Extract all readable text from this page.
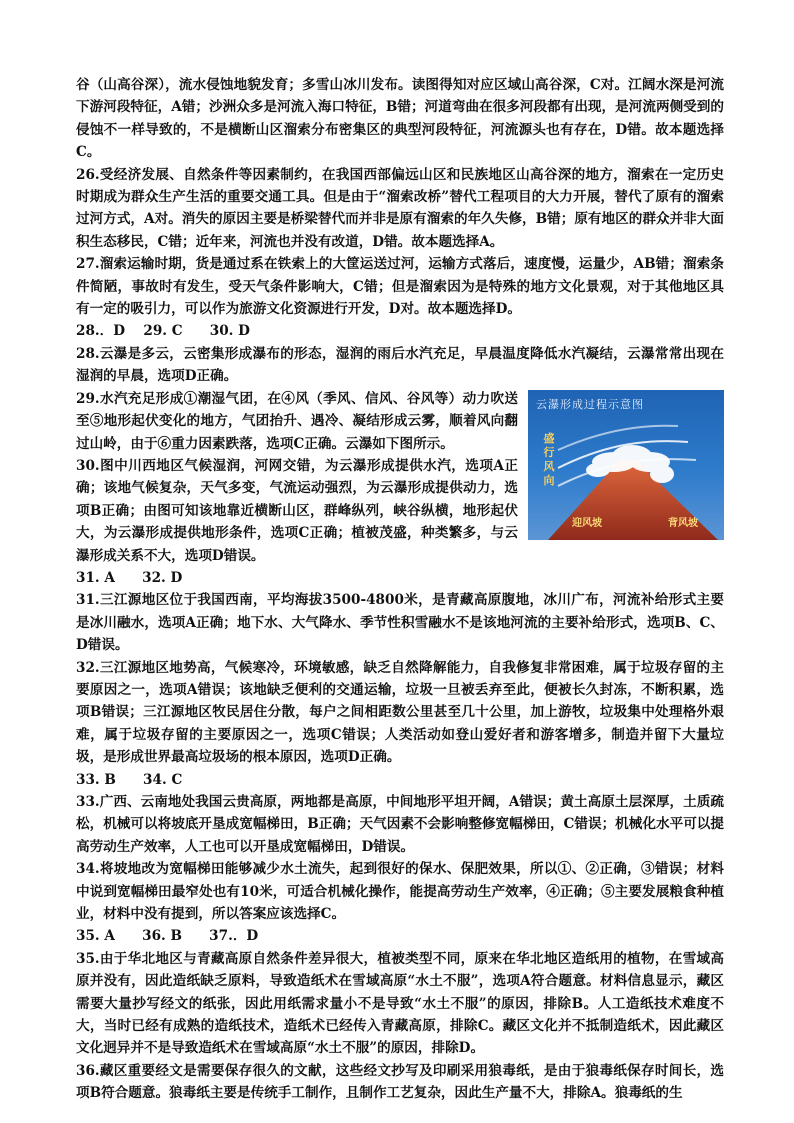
谷（山高谷深），流水侵蚀地貌发育；多雪山冰川发布。读图得知对应区域山高谷深，C对。江阔水深是河流下游河段特征，A错；沙洲众多是河流入海口特征，B错；河道弯曲在很多河段都有出现，是河流两侧受到的侵蚀不一样导致的，不是横断山区溜索分布密集区的典型河段特征，河流源头也有存在，D错。故本题选择C。

26.受经济发展、自然条件等因素制约，在我国西部偏远山区和民族地区山高谷深的地方，溜索在一定历史时期成为群众生产生活的重要交通工具。但是由于“溜索改桥”替代工程项目的大力开展，替代了原有的溜索过河方式，A对。消失的原因主要是桥梁替代而并非是原有溜索的年久失修，B错；原有地区的群众并非大面积生态移民，C错；近年来，河流也并没有改道，D错。故本题选择A。

27.溜索运输时期，货是通过系在铁索上的大筐运送过河，运输方式落后，速度慢，运量少，AB错；溜索条件简陋，事故时有发生，受天气条件影响大，C错；但是溜索因为是特殊的地方文化景观，对于其他地区具有一定的吸引力，可以作为旅游文化资源进行开发，D对。故本题选择D。

28.．D　 29. C　　30. D

28.云瀑是多云，云密集形成瀑布的形态，湿润的雨后水汽充足，早晨温度降低水汽凝结，云瀑常常出现在湿润的早晨，选项D正确。

云瀑形成过程示意图
盛行风向
迎风坡	背风坡

29.水汽充足形成①潮湿气团，在④风（季风、信风、谷风等）动力吹送至⑤地形起伏变化的地方，气团抬升、遇冷、凝结形成云雾，顺着风向翻过山岭，由于⑥重力因素跌落，选项C正确。云瀑如下图所示。

30.图中川西地区气候湿润，河网交错，为云瀑形成提供水汽，选项A正确；该地气候复杂，天气多变，气流运动强烈，为云瀑形成提供动力，选项B正确；由图可知该地靠近横断山区，群峰纵列，峡谷纵横，地形起伏大，为云瀑形成提供地形条件，选项C正确；植被茂盛，种类繁多，与云瀑形成关系不大，选项D错误。

31. A　　32. D

31.三江源地区位于我国西南，平均海拔3500-4800米，是青藏高原腹地，冰川广布，河流补给形式主要是冰川融水，选项A正确；地下水、大气降水、季节性积雪融水不是该地河流的主要补给形式，选项B、C、D错误。

32.三江源地区地势高，气候寒冷，环境敏感，缺乏自然降解能力，自我修复非常困难，属于垃圾存留的主要原因之一，选项A错误；该地缺乏便利的交通运输，垃圾一旦被丢弃至此，便被长久封冻，不断积累，选项B错误；三江源地区牧民居住分散，每户之间相距数公里甚至几十公里，加上游牧，垃圾集中处理格外艰难，属于垃圾存留的主要原因之一，选项C错误；人类活动如登山爱好者和游客增多，制造并留下大量垃圾，是形成世界最高垃圾场的根本原因，选项D正确。

33. B　　34. C

33.广西、云南地处我国云贵高原，两地都是高原，中间地形平坦开阔，A错误；黄土高原土层深厚，土质疏松，机械可以将坡底开垦成宽幅梯田，B正确；天气因素不会影响整修宽幅梯田，C错误；机械化水平可以提高劳动生产效率，人工也可以开垦成宽幅梯田，D错误。

34.将坡地改为宽幅梯田能够减少水土流失，起到很好的保水、保肥效果，所以①、②正确，③错误；材料中说到宽幅梯田最窄处也有10米，可适合机械化操作，能提高劳动生产效率，④正确；⑤主要发展粮食种植业，材料中没有提到，所以答案应该选择C。

35. A　　36. B　　37.．D

35.由于华北地区与青藏高原自然条件差异很大，植被类型不同，原来在华北地区造纸用的植物，在雪域高原并没有，因此造纸缺乏原料，导致造纸术在雪域高原“水土不服”，选项A符合题意。材料信息显示，藏区需要大量抄写经文的纸张，因此用纸需求量小不是导致“水土不服”的原因，排除B。人工造纸技术难度不大，当时已经有成熟的造纸技术，造纸术已经传入青藏高原，排除C。藏区文化并不抵制造纸术，因此藏区文化迥异并不是导致造纸术在雪域高原“水土不服”的原因，排除D。

36.藏区重要经文是需要保存很久的文献，这些经文抄写及印刷采用狼毒纸，是由于狼毒纸保存时间长，选项B符合题意。狼毒纸主要是传统手工制作，且制作工艺复杂，因此生产量不大，排除A。狼毒纸的生
